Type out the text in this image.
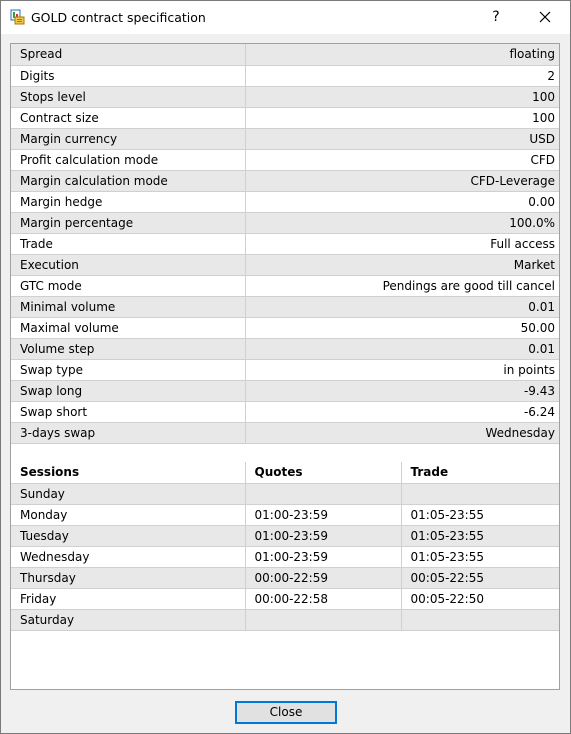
GOLD contract specification	?
Spread	floating
Digits	2
Stops level	100
Contract size	100
Margin currency	USD
Profit calculation mode	CFD
Margin calculation mode	CFD-Leverage
Margin hedge	0.00
Margin percentage	100.0%
Trade	Full access
Execution	Market
GTC mode	Pendings are good till cancel
Minimal volume	0.01
Maximal volume	50.00
Volume step	0.01
Swap type	in points
Swap long	-9.43
Swap short	-6.24
3-days swap	Wednesday
Sessions	Quotes	Trade
Sunday		
Monday	01:00-23:59	01:05-23:55
Tuesday	01:00-23:59	01:05-23:55
Wednesday	01:00-23:59	01:05-23:55
Thursday	00:00-22:59	00:05-22:55
Friday	00:00-22:58	00:05-22:50
Saturday		
Close
